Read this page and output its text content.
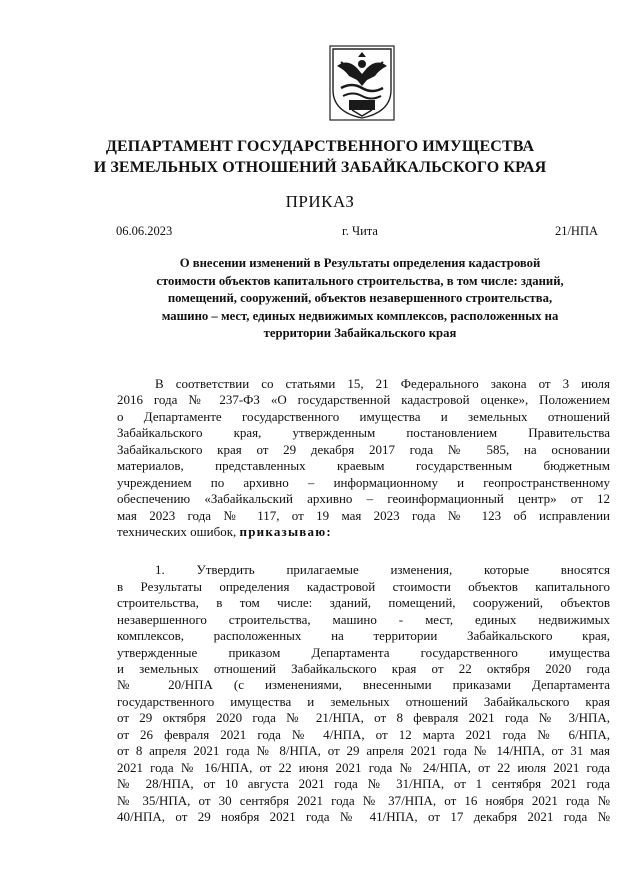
ДЕПАРТАМЕНТ ГОСУДАРСТВЕННОГО ИМУЩЕСТВА
И ЗЕМЕЛЬНЫХ ОТНОШЕНИЙ ЗАБАЙКАЛЬСКОГО КРАЯ
ПРИКАЗ
06.06.2023	г. Чита	21/НПА
О внесении изменений в Результаты определения кадастровой
стоимости объектов капитального строительства, в том числе: зданий,
помещений, сооружений, объектов незавершенного строительства,
машино – мест, единых недвижимых комплексов, расположенных на
территории Забайкальского края
В соответствии со статьями 15, 21 Федерального закона от 3 июля
2016 года № 237-ФЗ «О государственной кадастровой оценке», Положением
о Департаменте государственного имущества и земельных отношений
Забайкальского края, утвержденным постановлением Правительства
Забайкальского края от 29 декабря 2017 года № 585, на основании
материалов, представленных краевым государственным бюджетным
учреждением по архивно – информационному и геопространственному
обеспечению «Забайкальский архивно – геоинформационный центр» от 12
мая 2023 года № 117, от 19 мая 2023 года № 123 об исправлении
технических ошибок, приказываю:
1. Утвердить прилагаемые изменения, которые вносятся
в Результаты определения кадастровой стоимости объектов капитального
строительства, в том числе: зданий, помещений, сооружений, объектов
незавершенного строительства, машино - мест, единых недвижимых
комплексов, расположенных на территории Забайкальского края,
утвержденные приказом Департамента государственного имущества
и земельных отношений Забайкальского края от 22 октября 2020 года
№ 20/НПА (с изменениями, внесенными приказами Департамента
государственного имущества и земельных отношений Забайкальского края
от 29 октября 2020 года № 21/НПА, от 8 февраля 2021 года № 3/НПА,
от 26 февраля 2021 года № 4/НПА, от 12 марта 2021 года № 6/НПА,
от 8 апреля 2021 года № 8/НПА, от 29 апреля 2021 года № 14/НПА, от 31 мая
2021 года № 16/НПА, от 22 июня 2021 года № 24/НПА, от 22 июля 2021 года
№ 28/НПА, от 10 августа 2021 года № 31/НПА, от 1 сентября 2021 года
№ 35/НПА, от 30 сентября 2021 года № 37/НПА, от 16 ноября 2021 года №
40/НПА, от 29 ноября 2021 года № 41/НПА, от 17 декабря 2021 года №
